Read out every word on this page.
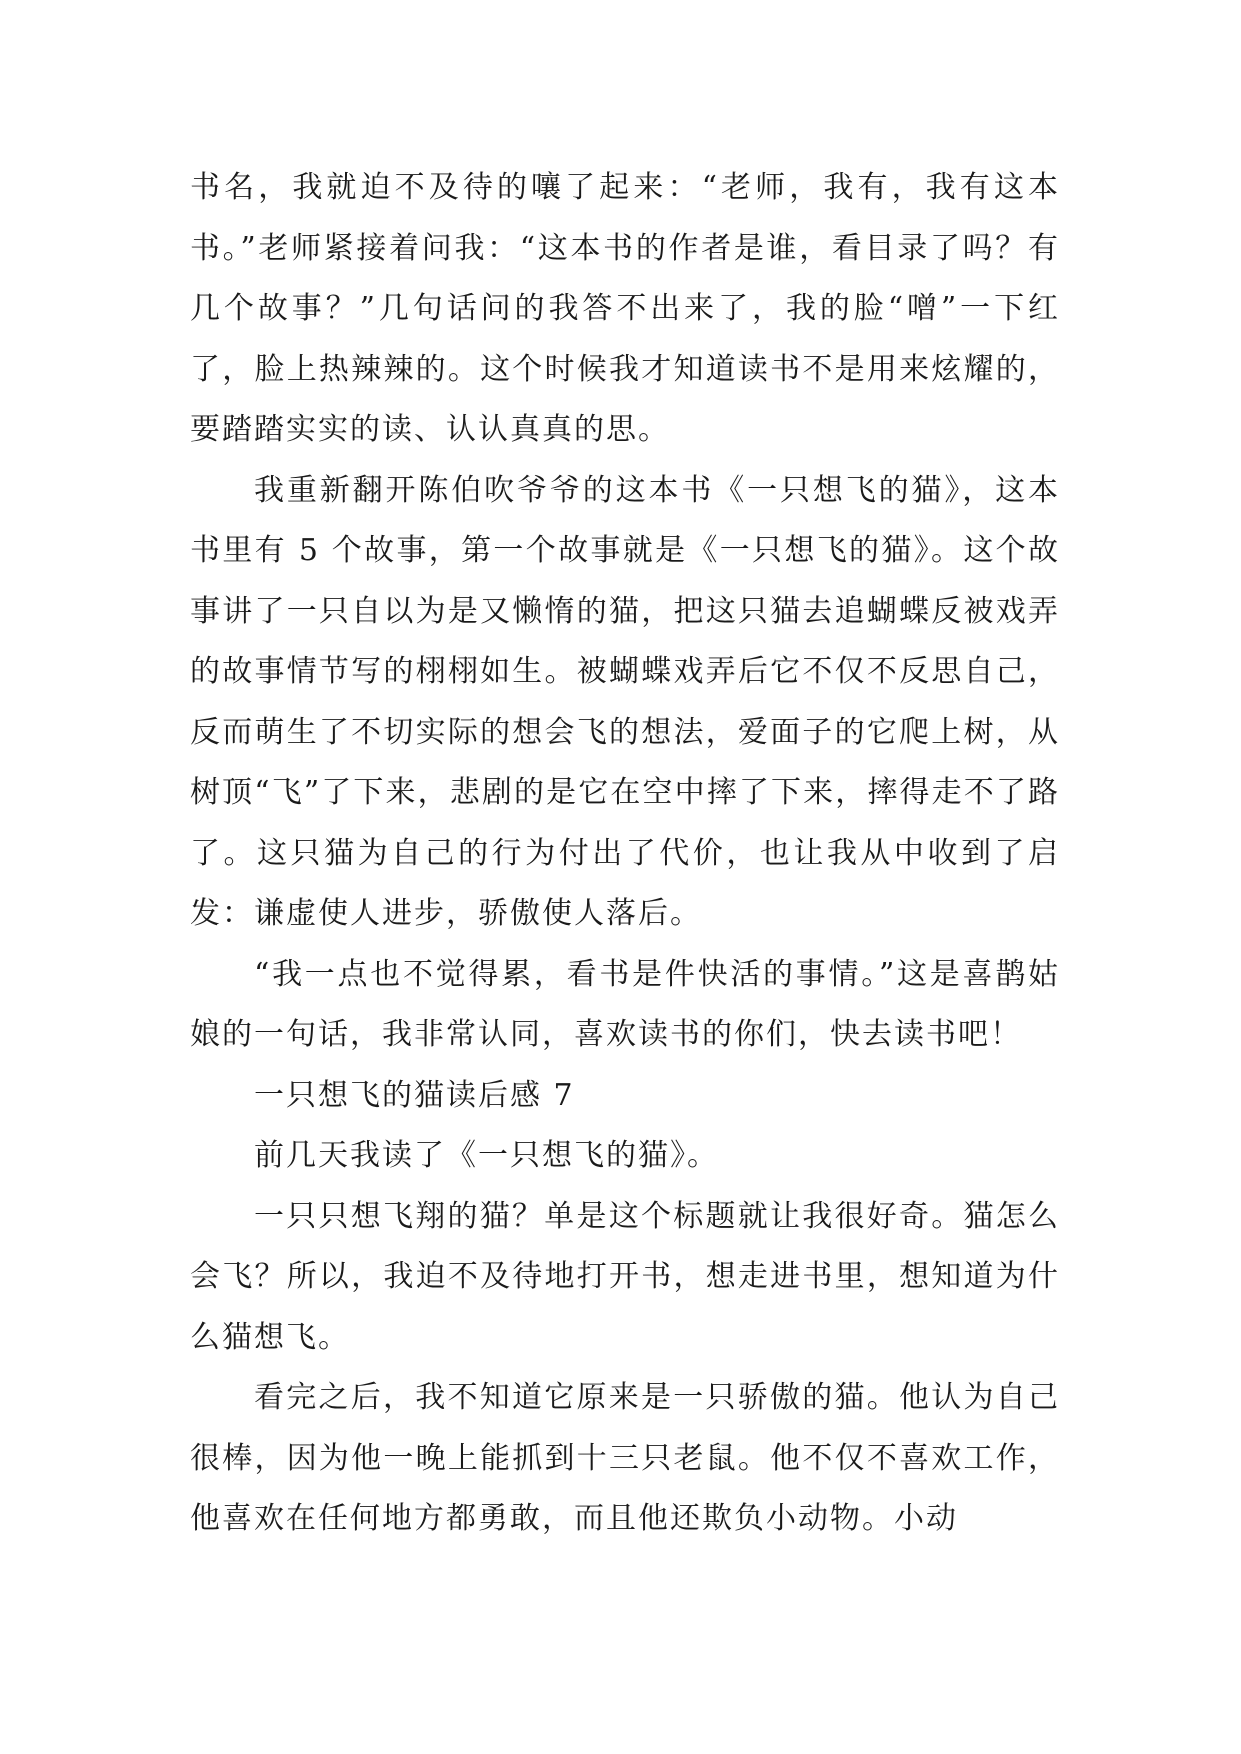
书名，我就迫不及待的嚷了起来：“老师，我有，我有这本书。”老师紧接着问我：“这本书的作者是谁，看目录了吗？有几个故事？”几句话问的我答不出来了，我的脸“噌”一下红了，脸上热辣辣的。这个时候我才知道读书不是用来炫耀的，要踏踏实实的读、认认真真的思。

我重新翻开陈伯吹爷爷的这本书《一只想飞的猫》，这本书里有 5 个故事，第一个故事就是《一只想飞的猫》。这个故事讲了一只自以为是又懒惰的猫，把这只猫去追蝴蝶反被戏弄的故事情节写的栩栩如生。被蝴蝶戏弄后它不仅不反思自己，反而萌生了不切实际的想会飞的想法，爱面子的它爬上树，从树顶“飞”了下来，悲剧的是它在空中摔了下来，摔得走不了路了。这只猫为自己的行为付出了代价，也让我从中收到了启发：谦虚使人进步，骄傲使人落后。

“我一点也不觉得累，看书是件快活的事情。”这是喜鹊姑娘的一句话，我非常认同，喜欢读书的你们，快去读书吧！

一只想飞的猫读后感 7

前几天我读了《一只想飞的猫》。

一只只想飞翔的猫？单是这个标题就让我很好奇。猫怎么会飞？所以，我迫不及待地打开书，想走进书里，想知道为什么猫想飞。

看完之后，我不知道它原来是一只骄傲的猫。他认为自己很棒，因为他一晚上能抓到十三只老鼠。他不仅不喜欢工作，他喜欢在任何地方都勇敢，而且他还欺负小动物。小动
